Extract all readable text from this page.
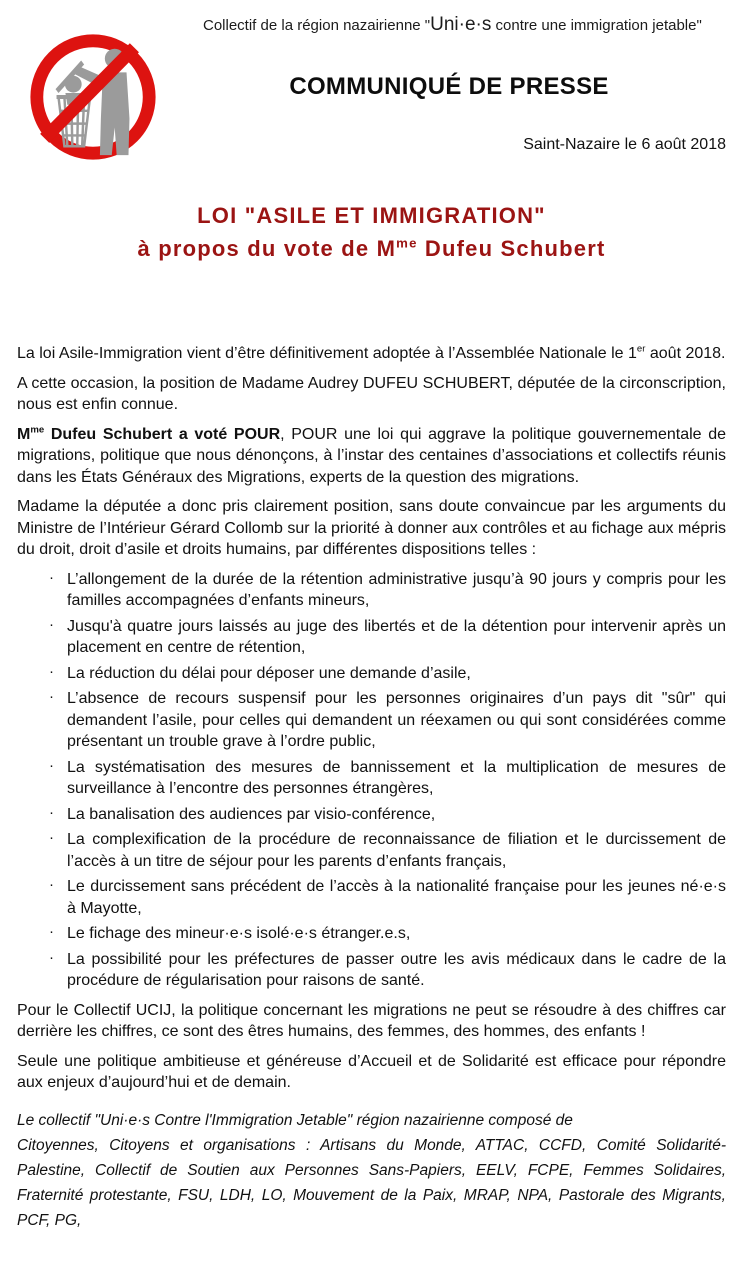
Collectif de la région nazairienne "Uni·e·s contre une immigration jetable"
COMMUNIQUÉ DE PRESSE
Saint-Nazaire le 6 août 2018
LOI "ASILE ET IMMIGRATION"
à propos du vote de $M^{me}$ Dufeu Schubert

La loi Asile-Immigration vient d’être définitivement adoptée à l’Assemblée Nationale le 1er août 2018.

A cette occasion, la position de Madame Audrey DUFEU SCHUBERT, députée de la circonscription, nous est enfin connue.

$M^{me}$ Dufeu Schubert a voté POUR, POUR une loi qui aggrave la politique gouvernementale de migrations, politique que nous dénonçons, à l’instar des centaines d’associations et collectifs réunis dans les États Généraux des Migrations, experts de la question des migrations.

Madame la députée a donc pris clairement position, sans doute convaincue par les arguments du Ministre de l’Intérieur Gérard Collomb sur la priorité à donner aux contrôles et au fichage aux mépris du droit, droit d’asile et droits humains, par différentes dispositions telles :

· L’allongement de la durée de la rétention administrative jusqu’à 90 jours y compris pour les familles accompagnées d’enfants mineurs,
· Jusqu'à quatre jours laissés au juge des libertés et de la détention pour intervenir après un placement en centre de rétention,
· La réduction du délai pour déposer une demande d’asile,
· L’absence de recours suspensif pour les personnes originaires d’un pays dit "sûr" qui demandent l’asile, pour celles qui demandent un réexamen ou qui sont considérées comme présentant un trouble grave à l’ordre public,
· La systématisation des mesures de bannissement et la multiplication de mesures de surveillance à l’encontre des personnes étrangères,
· La banalisation des audiences par visio-conférence,
· La complexification de la procédure de reconnaissance de filiation et le durcissement de l’accès à un titre de séjour pour les parents d’enfants français,
· Le durcissement sans précédent de l’accès à la nationalité française pour les jeunes né·e·s à Mayotte,
· Le fichage des mineur·e·s isolé·e·s étranger.e.s,
· La possibilité pour les préfectures de passer outre les avis médicaux dans le cadre de la procédure de régularisation pour raisons de santé.

Pour le Collectif UCIJ, la politique concernant les migrations ne peut se résoudre à des chiffres car derrière les chiffres, ce sont des êtres humains, des femmes, des hommes, des enfants !

Seule une politique ambitieuse et généreuse d’Accueil et de Solidarité est efficace pour répondre aux enjeux d’aujourd’hui et de demain.

Le collectif "Uni·e·s Contre l'Immigration Jetable" région nazairienne composé de
Citoyennes, Citoyens et organisations : Artisans du Monde, ATTAC, CCFD, Comité Solidarité-Palestine, Collectif de Soutien aux Personnes Sans-Papiers, EELV, FCPE, Femmes Solidaires, Fraternité protestante, FSU, LDH, LO, Mouvement de la Paix, MRAP, NPA, Pastorale des Migrants, PCF, PG,
